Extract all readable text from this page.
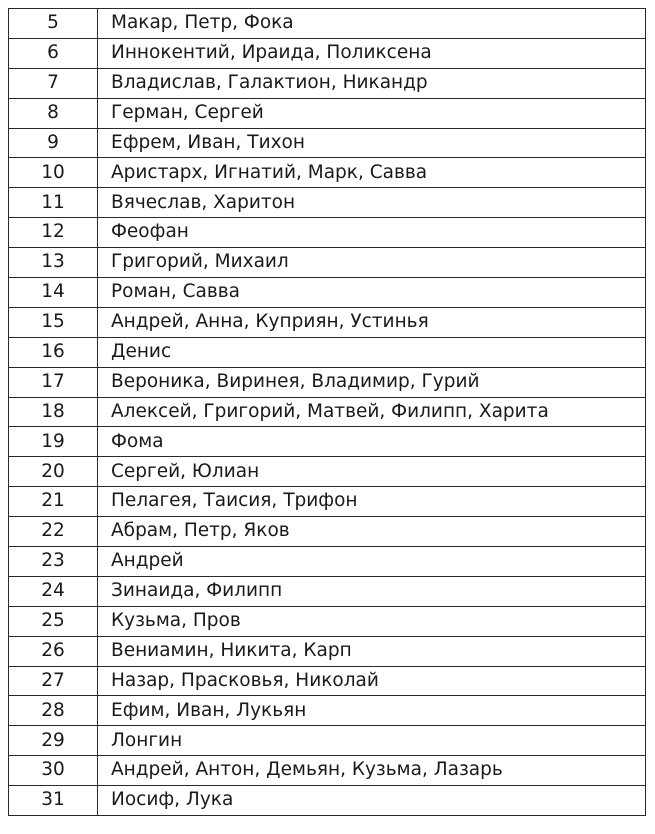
5	Макар, Петр, Фока
6	Иннокентий, Ираида, Поликсена
7	Владислав, Галактион, Никандр
8	Герман, Сергей
9	Ефрем, Иван, Тихон
10	Аристарх, Игнатий, Марк, Савва
11	Вячеслав, Харитон
12	Феофан
13	Григорий, Михаил
14	Роман, Савва
15	Андрей, Анна, Куприян, Устинья
16	Денис
17	Вероника, Виринея, Владимир, Гурий
18	Алексей, Григорий, Матвей, Филипп, Харита
19	Фома
20	Сергей, Юлиан
21	Пелагея, Таисия, Трифон
22	Абрам, Петр, Яков
23	Андрей
24	Зинаида, Филипп
25	Кузьма, Пров
26	Вениамин, Никита, Карп
27	Назар, Прасковья, Николай
28	Ефим, Иван, Лукьян
29	Лонгин
30	Андрей, Антон, Демьян, Кузьма, Лазарь
31	Иосиф, Лука
